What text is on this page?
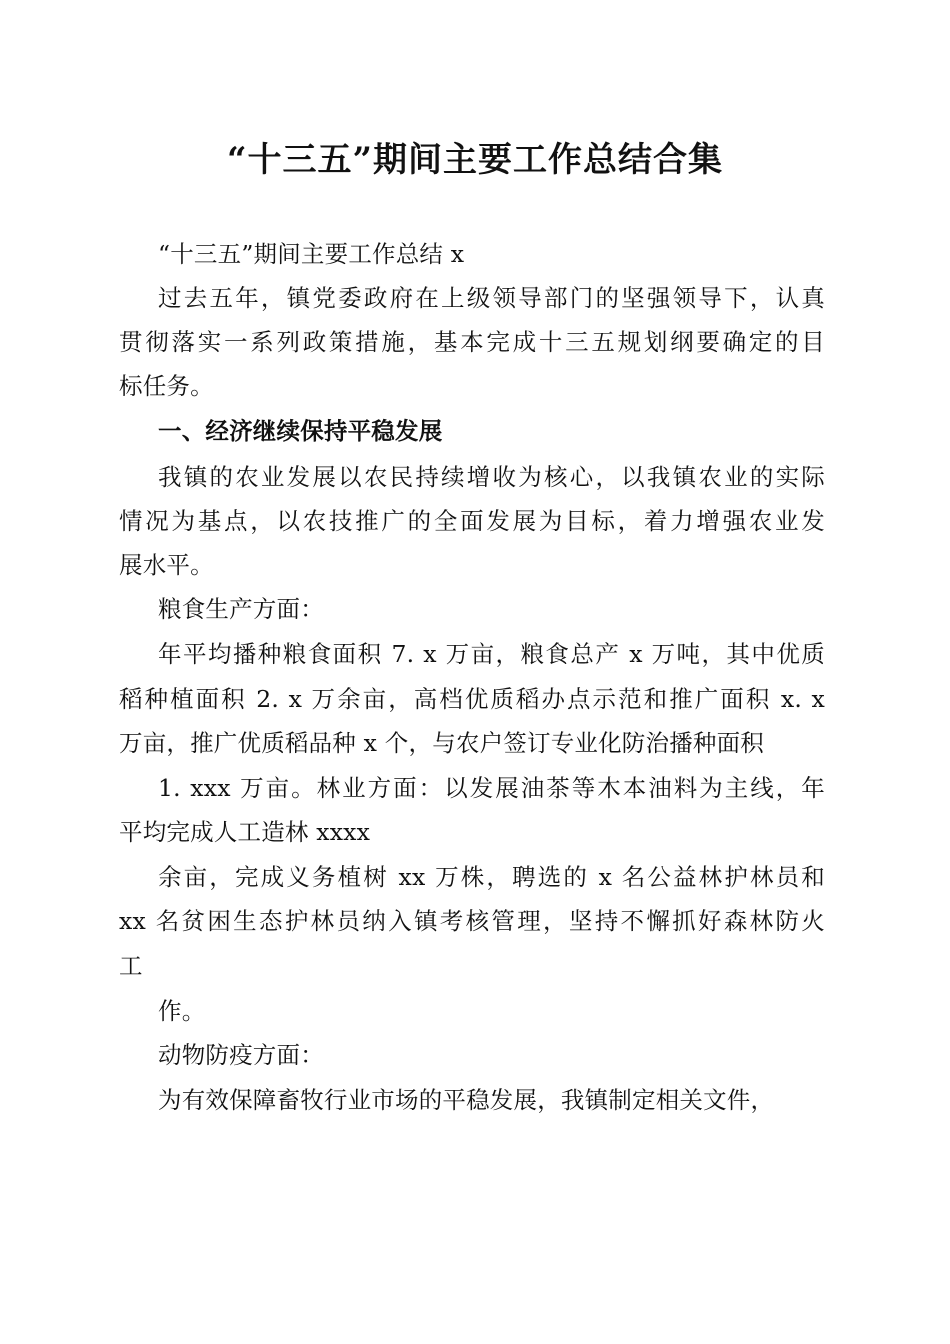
“十三五”期间主要工作总结合集
“十三五”期间主要工作总结 x
过去五年，镇党委政府在上级领导部门的坚强领导下，认真
贯彻落实一系列政策措施，基本完成十三五规划纲要确定的目
标任务。
一、经济继续保持平稳发展
我镇的农业发展以农民持续增收为核心，以我镇农业的实际
情况为基点，以农技推广的全面发展为目标，着力增强农业发
展水平。
粮食生产方面：
年平均播种粮食面积 7. x 万亩，粮食总产 x 万吨，其中优质
稻种植面积 2. x 万余亩，高档优质稻办点示范和推广面积 x. x
万亩，推广优质稻品种 x 个，与农户签订专业化防治播种面积
1. xxx 万亩。林业方面：以发展油茶等木本油料为主线，年
平均完成人工造林 xxxx
余亩，完成义务植树 xx 万株，聘选的 x 名公益林护林员和
xx 名贫困生态护林员纳入镇考核管理，坚持不懈抓好森林防火
工
作。
动物防疫方面：
为有效保障畜牧行业市场的平稳发展，我镇制定相关文件，
